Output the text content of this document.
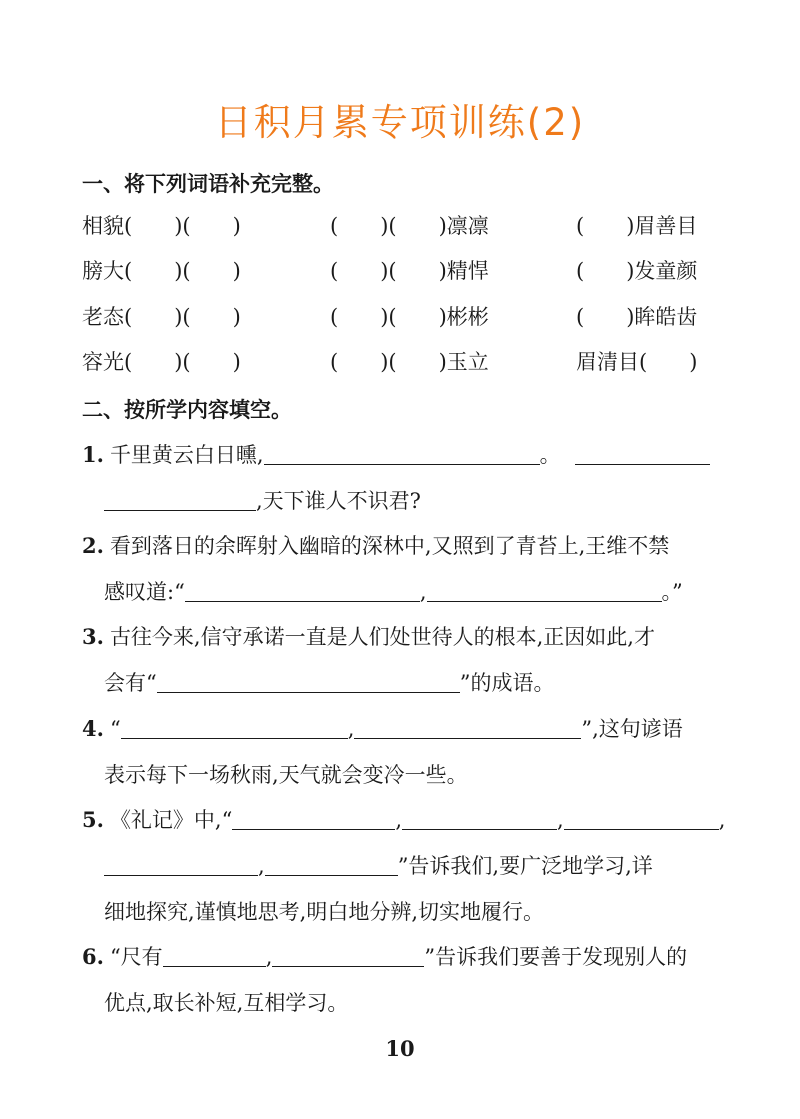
日积月累专项训练(2)
一、将下列词语补充完整。
相貌(　　)(　　)	(　　)(　　)凛凛	(　　)眉善目
膀大(　　)(　　)	(　　)(　　)精悍	(　　)发童颜
老态(　　)(　　)	(　　)(　　)彬彬	(　　)眸皓齿
容光(　　)(　　)	(　　)(　　)玉立	眉清目(　　)
二、按所学内容填空。
1. 千里黄云白日曛,	。
,天下谁人不识君?
2. 看到落日的余晖射入幽暗的深林中,又照到了青苔上,王维不禁
感叹道:“	,	。”
3. 古往今来,信守承诺一直是人们处世待人的根本,正因如此,才
会有“	”的成语。
4. “	,	”,这句谚语
表示每下一场秋雨,天气就会变冷一些。
5. 《礼记》中,“	,	,	,
,	”告诉我们,要广泛地学习,详
细地探究,谨慎地思考,明白地分辨,切实地履行。
6. “尺有	,	”告诉我们要善于发现别人的
优点,取长补短,互相学习。
10
